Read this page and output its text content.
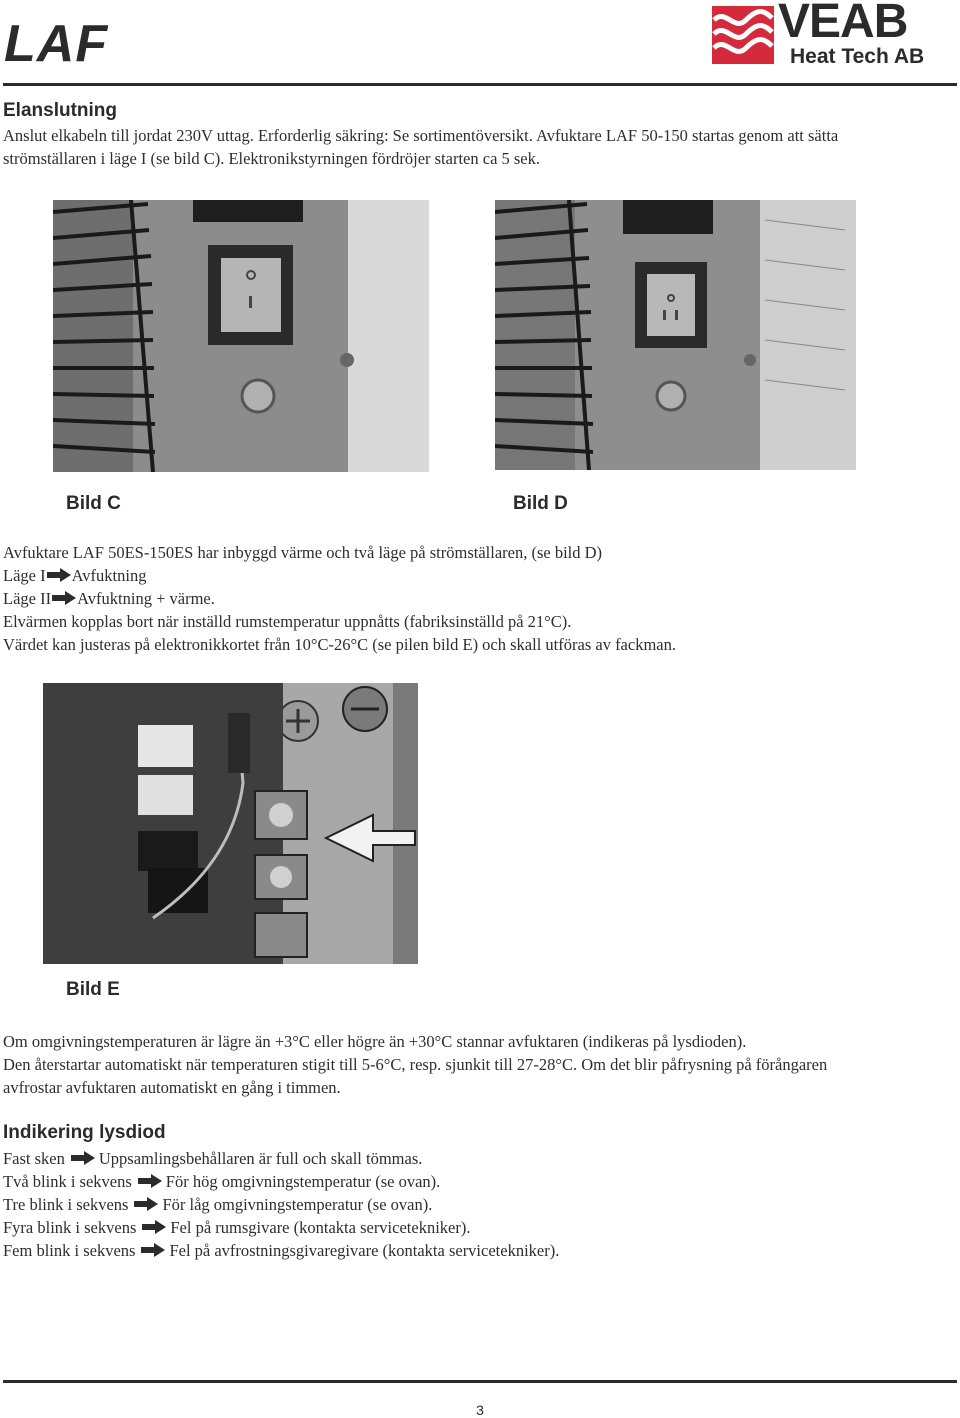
LAF	VEAB
Heat Tech AB
Elanslutning
Anslut elkabeln till jordat 230V uttag. Erforderlig säkring: Se sortimentöversikt. Avfuktare LAF 50-150 startas genom att sätta
strömställaren i läge I (se bild C). Elektronikstyrningen fördröjer starten ca 5 sek.
Bild C	Bild D
Avfuktare LAF 50ES-150ES har inbyggd värme och två läge på strömställaren, (se bild D)
Läge I Avfuktning
Läge II Avfuktning + värme.
Elvärmen kopplas bort när inställd rumstemperatur uppnåtts (fabriksinställd på 21°C).
Värdet kan justeras på elektronikkortet från 10°C-26°C (se pilen bild E) och skall utföras av fackman.
Bild E
Om omgivningstemperaturen är lägre än +3°C eller högre än +30°C stannar avfuktaren (indikeras på lysdioden).
Den återstartar automatiskt när temperaturen stigit till 5-6°C, resp. sjunkit till 27-28°C. Om det blir påfrysning på förångaren
avfrostar avfuktaren automatiskt en gång i timmen.
Indikering lysdiod
Fast sken Uppsamlingsbehållaren är full och skall tömmas.
Två blink i sekvens För hög omgivningstemperatur (se ovan).
Tre blink i sekvens För låg omgivningstemperatur (se ovan).
Fyra blink i sekvens Fel på rumsgivare (kontakta servicetekniker).
Fem blink i sekvens Fel på avfrostningsgivaregivare (kontakta servicetekniker).
3
